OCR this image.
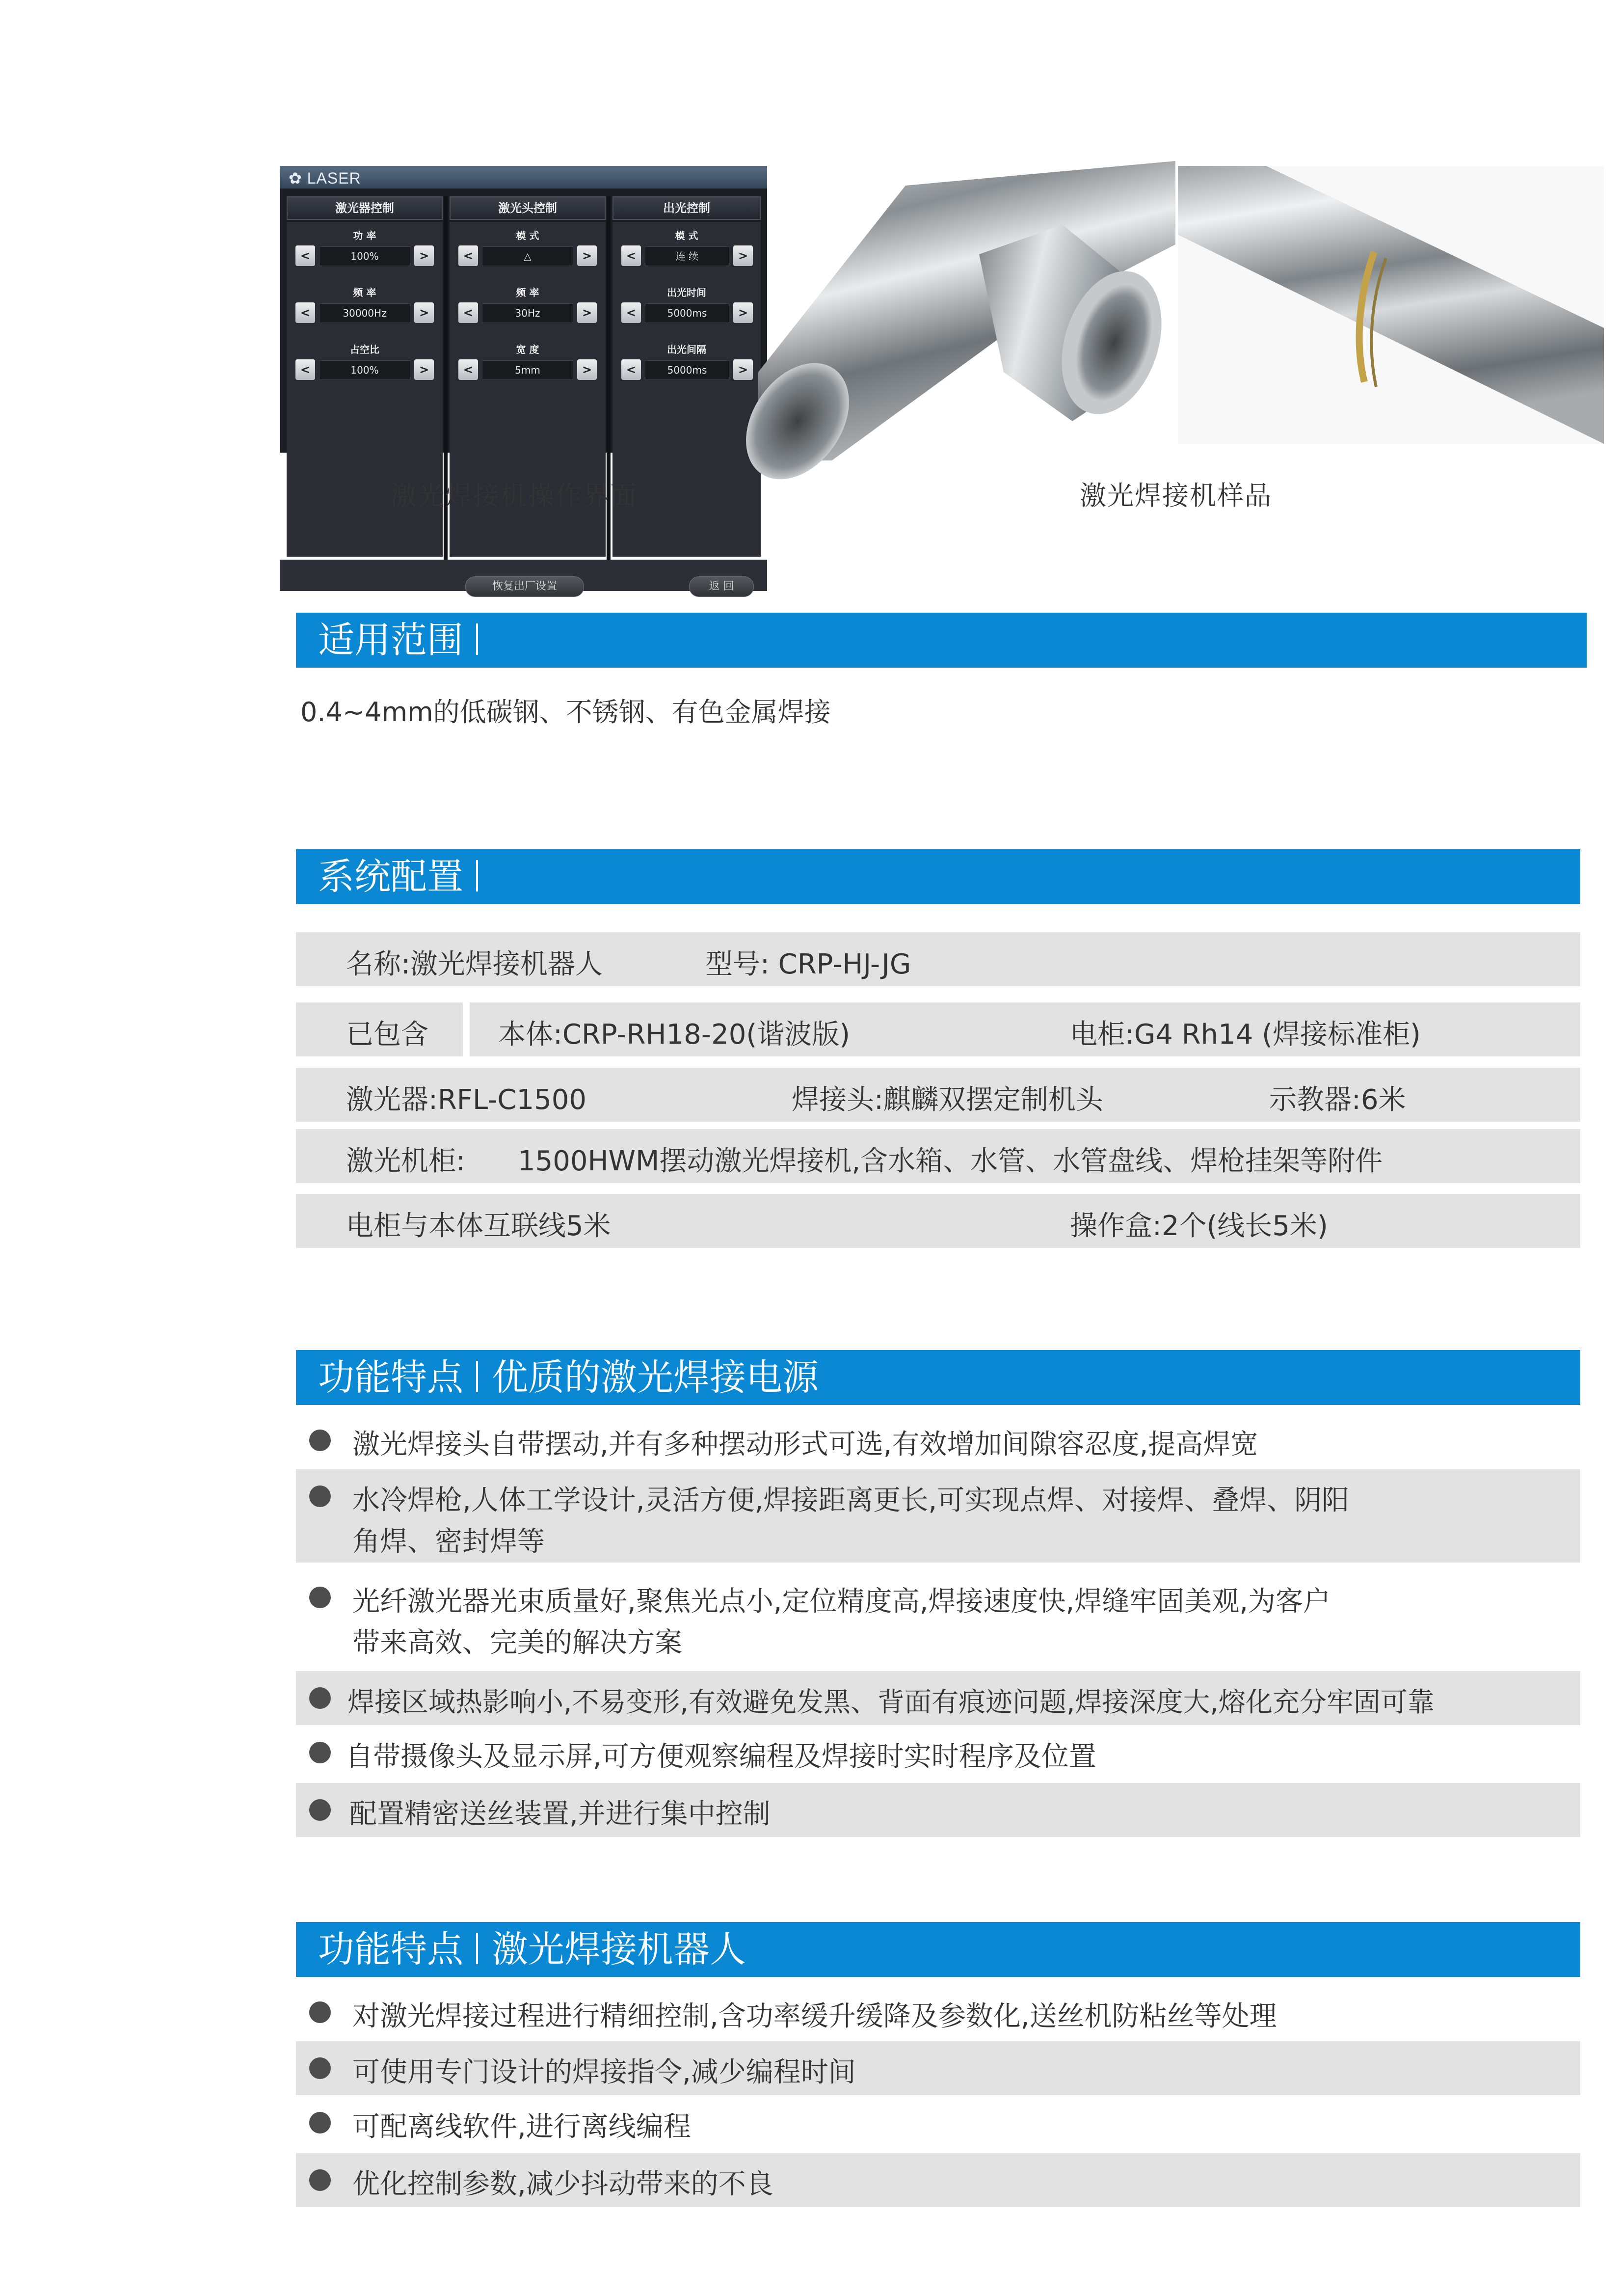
✿ LASER
激光器控制
功 率
<	100%	>
频 率
<	30000Hz	>
占空比
<	100%	>
激光头控制
模 式
<	△	>
频 率
<	30Hz	>
宽 度
<	5mm	>
出光控制
模 式
<	连 续	>
出光时间
<	5000ms	>
出光间隔
<	5000ms	>
恢复出厂设置	返 回
激光焊接机操作界面	激光焊接机样品
适用范围
0.4~4mm的低碳钢、不锈钢、有色金属焊接
系统配置
名称:激光焊接机器人	型号: CRP-HJ-JG
已包含	本体:CRP-RH18-20(谐波版)	电柜:G4 Rh14 (焊接标准柜)
激光器:RFL-C1500	焊接头:麒麟双摆定制机头	示教器:6米
激光机柜: 1500HWM摆动激光焊接机,含水箱、水管、水管盘线、焊枪挂架等附件
电柜与本体互联线5米	操作盒:2个(线长5米)
功能特点 优质的激光焊接电源
激光焊接头自带摆动,并有多种摆动形式可选,有效增加间隙容忍度,提高焊宽
水冷焊枪,人体工学设计,灵活方便,焊接距离更长,可实现点焊、对接焊、叠焊、阴阳
角焊、密封焊等
光纤激光器光束质量好,聚焦光点小,定位精度高,焊接速度快,焊缝牢固美观,为客户
带来高效、完美的解决方案
焊接区域热影响小,不易变形,有效避免发黑、背面有痕迹问题,焊接深度大,熔化充分牢固可靠
自带摄像头及显示屏,可方便观察编程及焊接时实时程序及位置
配置精密送丝装置,并进行集中控制
功能特点 激光焊接机器人
对激光焊接过程进行精细控制,含功率缓升缓降及参数化,送丝机防粘丝等处理
可使用专门设计的焊接指令,减少编程时间
可配离线软件,进行离线编程
优化控制参数,减少抖动带来的不良
